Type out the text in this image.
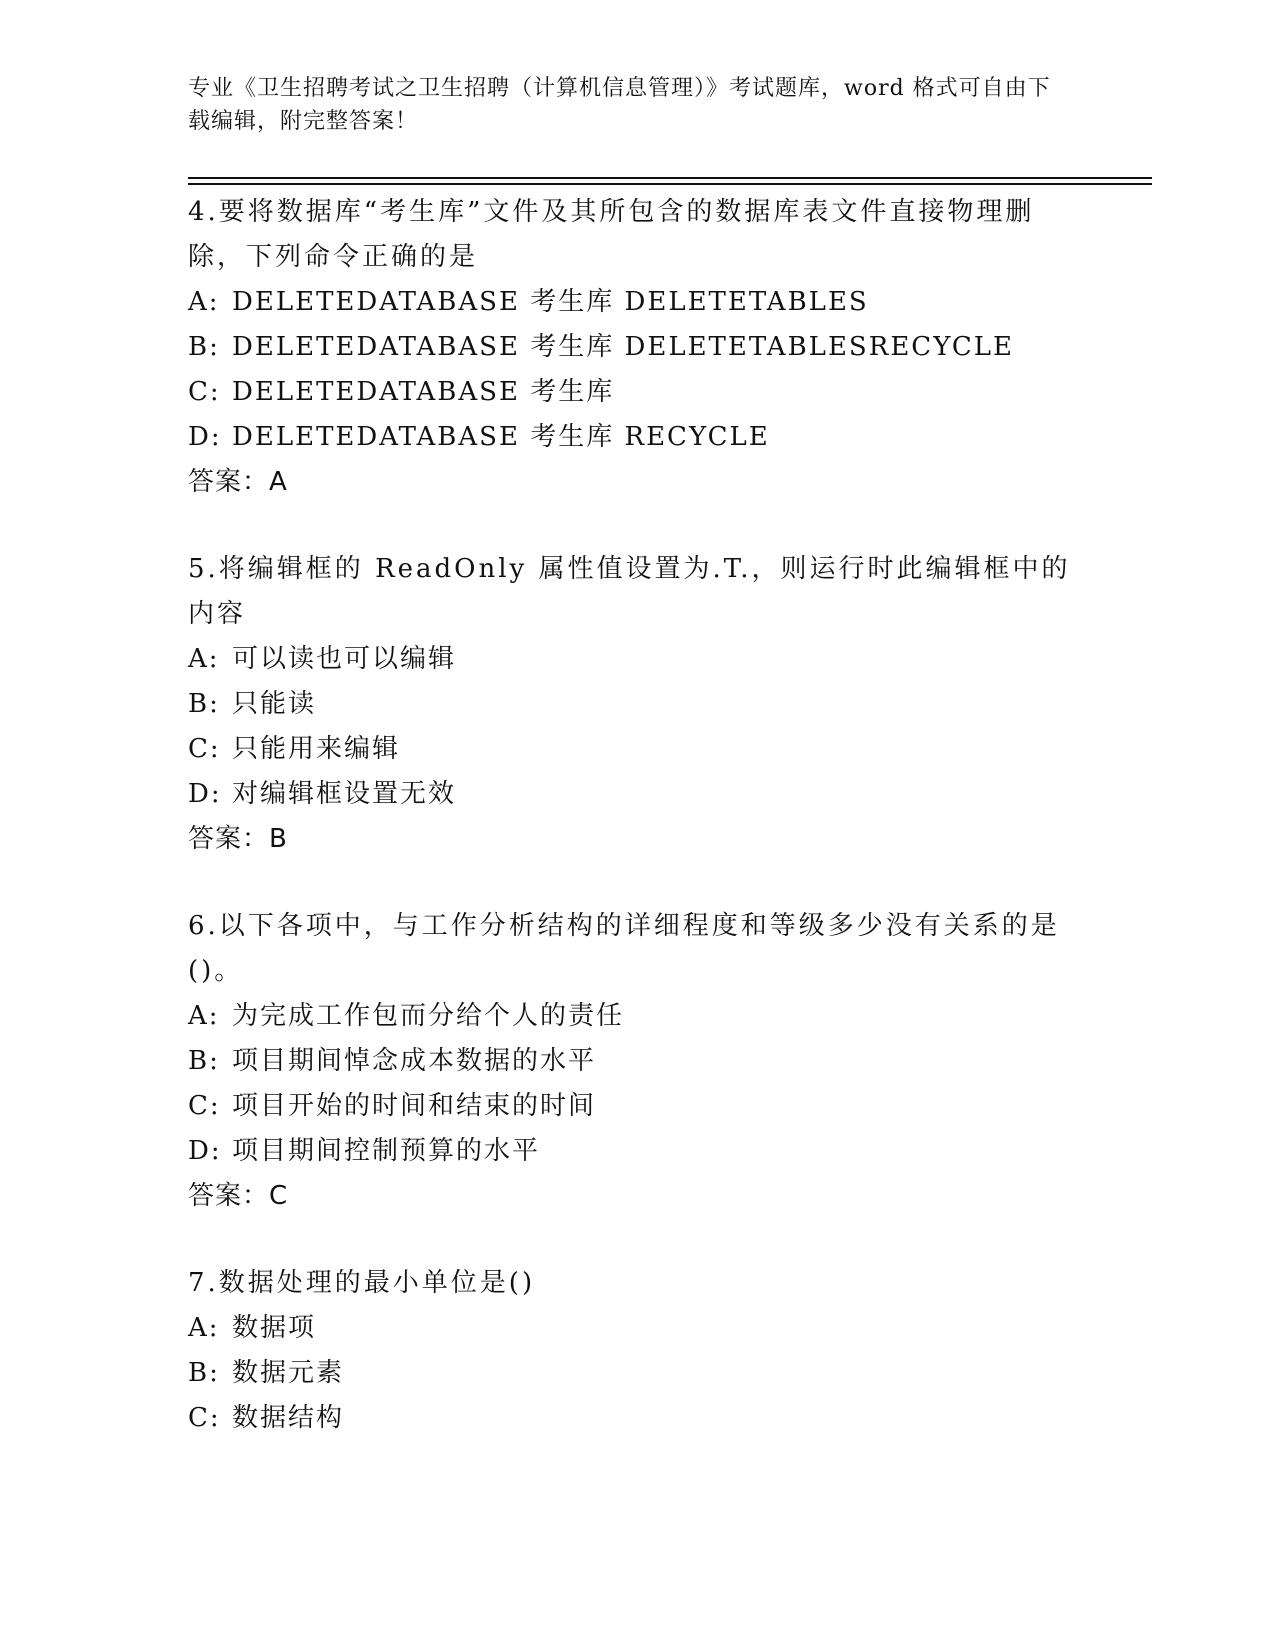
专业《卫生招聘考试之卫生招聘（计算机信息管理）》考试题库，word 格式可自由下载编辑，附完整答案！
4.要将数据库“考生库”文件及其所包含的数据库表文件直接物理删除，下列命令正确的是
A: DELETEDATABASE 考生库 DELETETABLES
B: DELETEDATABASE 考生库 DELETETABLESRECYCLE
C: DELETEDATABASE 考生库
D: DELETEDATABASE 考生库 RECYCLE
答案：A
5.将编辑框的 ReadOnly 属性值设置为.T.，则运行时此编辑框中的内容
A: 可以读也可以编辑
B: 只能读
C: 只能用来编辑
D: 对编辑框设置无效
答案：B
6.以下各项中，与工作分析结构的详细程度和等级多少没有关系的是()。
A: 为完成工作包而分给个人的责任
B: 项目期间悼念成本数据的水平
C: 项目开始的时间和结束的时间
D: 项目期间控制预算的水平
答案：C
7.数据处理的最小单位是()
A: 数据项
B: 数据元素
C: 数据结构
